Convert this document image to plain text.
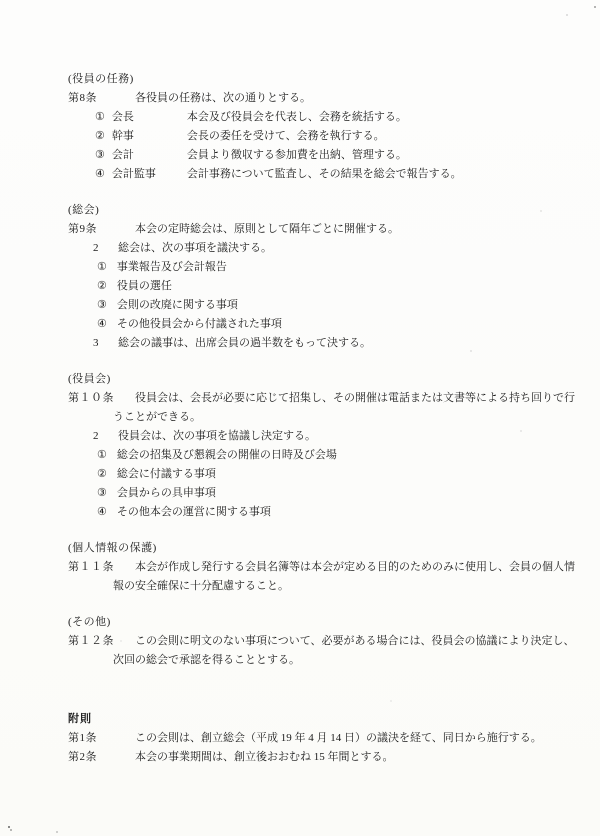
(役員の任務)
第8条	各役員の任務は、次の通りとする。
① 会長	本会及び役員会を代表し、会務を統括する。
② 幹事	会長の委任を受けて、会務を執行する。
③ 会計	会員より徴収する参加費を出納、管理する。
④ 会計監事	会計事務について監査し、その結果を総会で報告する。
(総会)
第9条	本会の定時総会は、原則として隔年ごとに開催する。
2 総会は、次の事項を議決する。
① 事業報告及び会計報告
② 役員の選任
③ 会則の改廃に関する事項
④ その他役員会から付議された事項
3 総会の議事は、出席会員の過半数をもって決する。
(役員会)
第１０条 役員会は、会長が必要に応じて招集し、その開催は電話または文書等による持ち回りで行
うことができる。
2 役員会は、次の事項を協議し決定する。
① 総会の招集及び懇親会の開催の日時及び会場
② 総会に付議する事項
③ 会員からの具申事項
④ その他本会の運営に関する事項
(個人情報の保護)
第１１条 本会が作成し発行する会員名簿等は本会が定める目的のためのみに使用し、会員の個人情
報の安全確保に十分配慮すること。
(その他)
第１２条 この会則に明文のない事項について、必要がある場合には、役員会の協議により決定し、
次回の総会で承認を得ることとする。
附則
第1条	この会則は、創立総会（平成 19 年 4 月 14 日）の議決を経て、同日から施行する。
第2条	本会の事業期間は、創立後おおむね 15 年間とする。
